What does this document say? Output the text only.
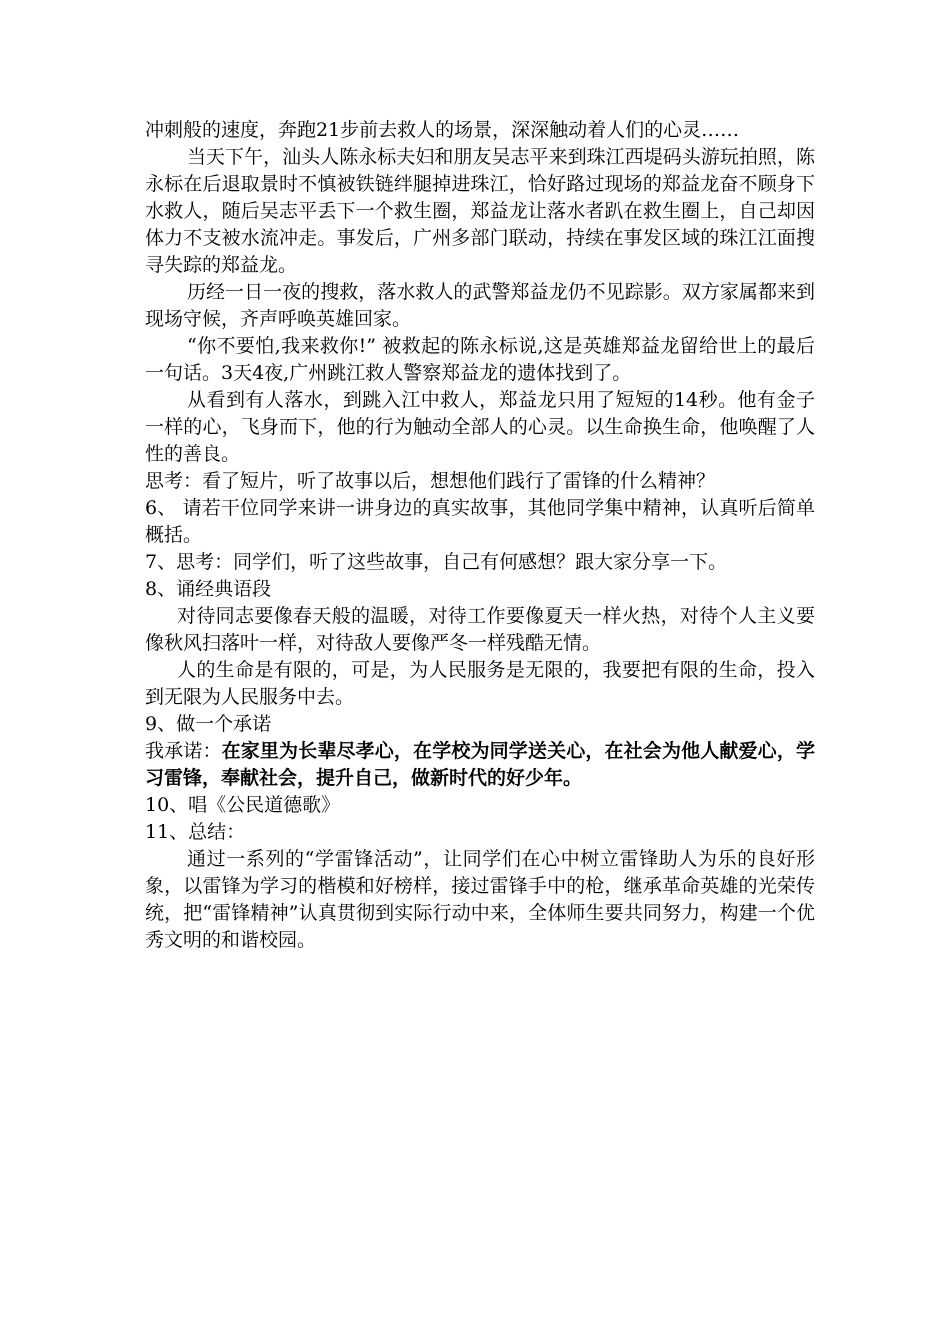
冲刺般的速度，奔跑21步前去救人的场景，深深触动着人们的心灵……

当天下午，汕头人陈永标夫妇和朋友吴志平来到珠江西堤码头游玩拍照，陈永标在后退取景时不慎被铁链绊腿掉进珠江，恰好路过现场的郑益龙奋不顾身下水救人，随后吴志平丢下一个救生圈，郑益龙让落水者趴在救生圈上，自己却因体力不支被水流冲走。事发后，广州多部门联动，持续在事发区域的珠江江面搜寻失踪的郑益龙。

历经一日一夜的搜救，落水救人的武警郑益龙仍不见踪影。双方家属都来到现场守候，齐声呼唤英雄回家。

“你不要怕,我来救你!” 被救起的陈永标说,这是英雄郑益龙留给世上的最后一句话。3天4夜,广州跳江救人警察郑益龙的遗体找到了。

从看到有人落水，到跳入江中救人，郑益龙只用了短短的14秒。他有金子一样的心，飞身而下，他的行为触动全部人的心灵。以生命换生命，他唤醒了人性的善良。

思考：看了短片，听了故事以后，想想他们践行了雷锋的什么精神？

6、 请若干位同学来讲一讲身边的真实故事，其他同学集中精神，认真听后简单概括。

7、思考：同学们，听了这些故事，自己有何感想？跟大家分享一下。

8、诵经典语段

对待同志要像春天般的温暖，对待工作要像夏天一样火热，对待个人主义要像秋风扫落叶一样，对待敌人要像严冬一样残酷无情。

人的生命是有限的，可是，为人民服务是无限的，我要把有限的生命，投入到无限为人民服务中去。

9、做一个承诺

我承诺：在家里为长辈尽孝心，在学校为同学送关心，在社会为他人献爱心，学习雷锋，奉献社会，提升自己，做新时代的好少年。

10、唱《公民道德歌》

11、总结：

通过一系列的“学雷锋活动”，让同学们在心中树立雷锋助人为乐的良好形象，以雷锋为学习的楷模和好榜样，接过雷锋手中的枪，继承革命英雄的光荣传统，把“雷锋精神”认真贯彻到实际行动中来，全体师生要共同努力，构建一个优秀文明的和谐校园。
